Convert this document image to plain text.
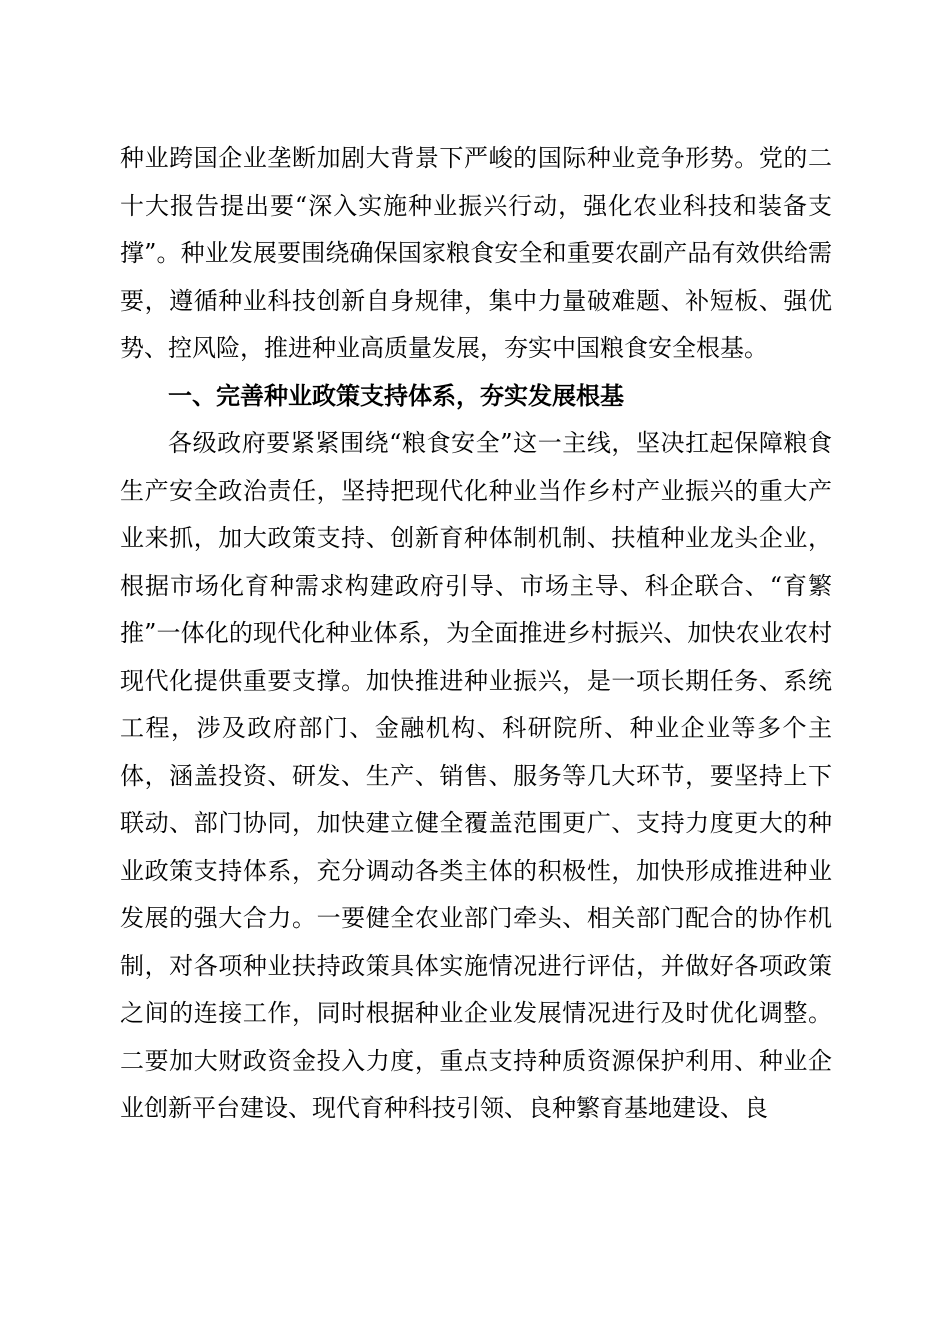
种业跨国企业垄断加剧大背景下严峻的国际种业竞争形势。党的二十大报告提出要“深入实施种业振兴行动，强化农业科技和装备支撑”。种业发展要围绕确保国家粮食安全和重要农副产品有效供给需要，遵循种业科技创新自身规律，集中力量破难题、补短板、强优势、控风险，推进种业高质量发展，夯实中国粮食安全根基。

一、完善种业政策支持体系，夯实发展根基

各级政府要紧紧围绕“粮食安全”这一主线，坚决扛起保障粮食生产安全政治责任，坚持把现代化种业当作乡村产业振兴的重大产业来抓，加大政策支持、创新育种体制机制、扶植种业龙头企业，根据市场化育种需求构建政府引导、市场主导、科企联合、“育繁推”一体化的现代化种业体系，为全面推进乡村振兴、加快农业农村现代化提供重要支撑。加快推进种业振兴，是一项长期任务、系统工程，涉及政府部门、金融机构、科研院所、种业企业等多个主体，涵盖投资、研发、生产、销售、服务等几大环节，要坚持上下联动、部门协同，加快建立健全覆盖范围更广、支持力度更大的种业政策支持体系，充分调动各类主体的积极性，加快形成推进种业发展的强大合力。一要健全农业部门牵头、相关部门配合的协作机制，对各项种业扶持政策具体实施情况进行评估，并做好各项政策之间的连接工作，同时根据种业企业发展情况进行及时优化调整。二要加大财政资金投入力度，重点支持种质资源保护利用、种业企业创新平台建设、现代育种科技引领、良种繁育基地建设、良
